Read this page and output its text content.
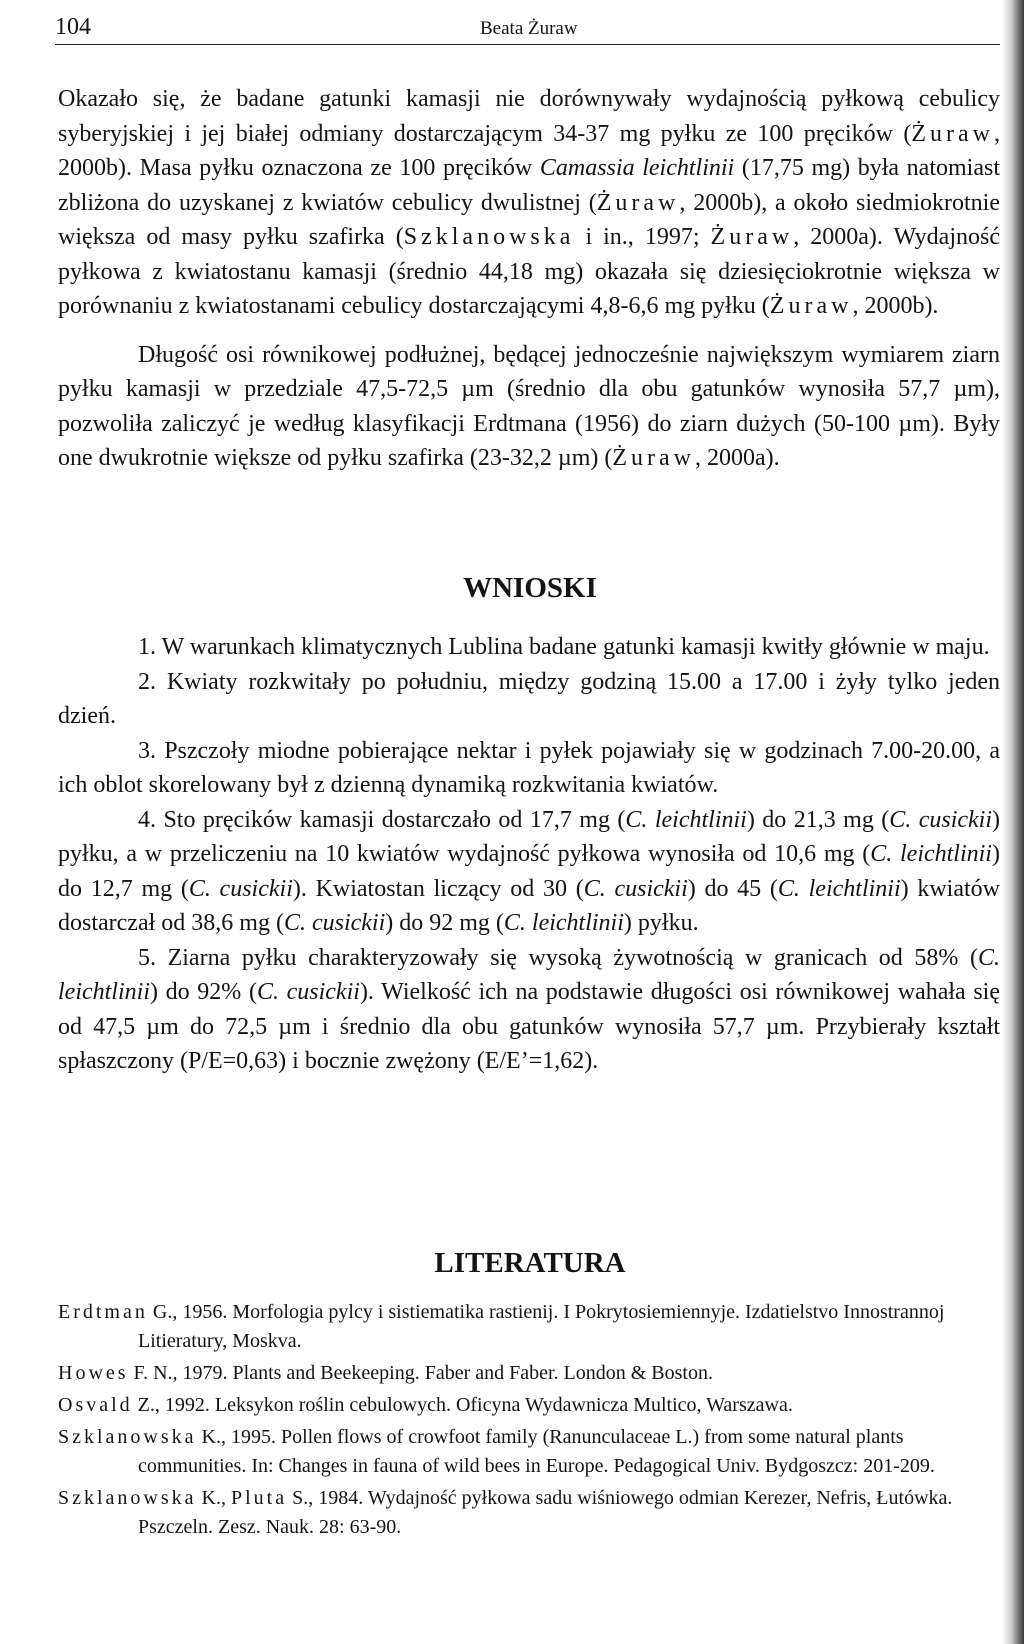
104	Beata Żuraw

Okazało się, że badane gatunki kamasji nie dorównywały wydajnością pyłkową cebulicy syberyjskiej i jej białej odmiany dostarczającym 34-37 mg pyłku ze 100 pręcików (Żuraw, 2000b). Masa pyłku oznaczona ze 100 pręcików Camassia leichtlinii (17,75 mg) była natomiast zbliżona do uzyskanej z kwiatów cebulicy dwulistnej (Żuraw, 2000b), a około siedmiokrotnie większa od masy pyłku szafirka (Szklanowska i in., 1997; Żuraw, 2000a). Wydajność pyłkowa z kwiatostanu kamasji (średnio 44,18 mg) okazała się dziesięciokrotnie większa w porównaniu z kwiatostanami cebulicy dostarczającymi 4,8-6,6 mg pyłku (Żuraw, 2000b).

Długość osi równikowej podłużnej, będącej jednocześnie największym wymiarem ziarn pyłku kamasji w przedziale 47,5-72,5 µm (średnio dla obu gatunków wynosiła 57,7 µm), pozwoliła zaliczyć je według klasyfikacji Erdtmana (1956) do ziarn dużych (50-100 µm). Były one dwukrotnie większe od pyłku szafirka (23-32,2 µm) (Żuraw, 2000a).

WNIOSKI

1. W warunkach klimatycznych Lublina badane gatunki kamasji kwitły głównie w maju.

2. Kwiaty rozkwitały po południu, między godziną 15.00 a 17.00 i żyły tylko jeden dzień.

3. Pszczoły miodne pobierające nektar i pyłek pojawiały się w godzinach 7.00-20.00, a ich oblot skorelowany był z dzienną dynamiką rozkwitania kwiatów.

4. Sto pręcików kamasji dostarczało od 17,7 mg (C. leichtlinii) do 21,3 mg (C. cusickii) pyłku, a w przeliczeniu na 10 kwiatów wydajność pyłkowa wynosiła od 10,6 mg (C. leichtlinii) do 12,7 mg (C. cusickii). Kwiatostan liczący od 30 (C. cusickii) do 45 (C. leichtlinii) kwiatów dostarczał od 38,6 mg (C. cusickii) do 92 mg (C. leichtlinii) pyłku.

5. Ziarna pyłku charakteryzowały się wysoką żywotnością w granicach od 58% (C. leichtlinii) do 92% (C. cusickii). Wielkość ich na podstawie długości osi równikowej wahała się od 47,5 µm do 72,5 µm i średnio dla obu gatunków wynosiła 57,7 µm. Przybierały kształt spłaszczony (P/E=0,63) i bocznie zwężony (E/E’=1,62).

LITERATURA

Erdtman G., 1956. Morfologia pylcy i sistiematika rastienij. I Pokrytosiemiennyje. Izdatielstvo Innostrannoj Litieratury, Moskva.

Howes F. N., 1979. Plants and Beekeeping. Faber and Faber. London & Boston.

Osvald Z., 1992. Leksykon roślin cebulowych. Oficyna Wydawnicza Multico, Warszawa.

Szklanowska K., 1995. Pollen flows of crowfoot family (Ranunculaceae L.) from some natural plants communities. In: Changes in fauna of wild bees in Europe. Pedagogical Univ. Bydgoszcz: 201-209.

Szklanowska K., Pluta S., 1984. Wydajność pyłkowa sadu wiśniowego odmian Kerezer, Nefris, Łutówka. Pszczeln. Zesz. Nauk. 28: 63-90.
